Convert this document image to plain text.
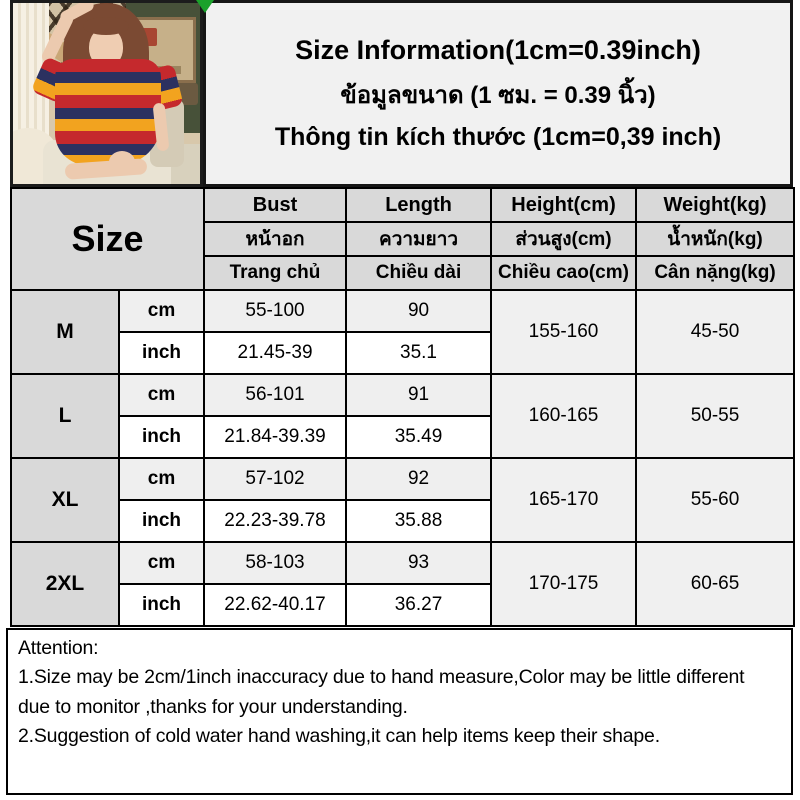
Size Information(1cm=0.39inch)
ข้อมูลขนาด (1 ซม. = 0.39 นิ้ว)
Thông tin kích thước (1cm=0,39 inch)
Size		Bust	Length	Height(cm)	Weight(kg)
		หน้าอก	ความยาว	ส่วนสูง(cm)	น้ำหนัก(kg)
		Trang chủ	Chiều dài	Chiều cao(cm)	Cân nặng(kg)
M	cm	55-100	90	155-160	45-50
	inch	21.45-39	35.1		
L	cm	56-101	91	160-165	50-55
	inch	21.84-39.39	35.49		
XL	cm	57-102	92	165-170	55-60
	inch	22.23-39.78	35.88		
2XL	cm	58-103	93	170-175	60-65
	inch	22.62-40.17	36.27		
Attention:
1.Size may be 2cm/1inch inaccuracy due to hand measure,Color may be little different due to monitor ,thanks for your understanding.
2.Suggestion of cold water hand washing,it can help items keep their shape.
